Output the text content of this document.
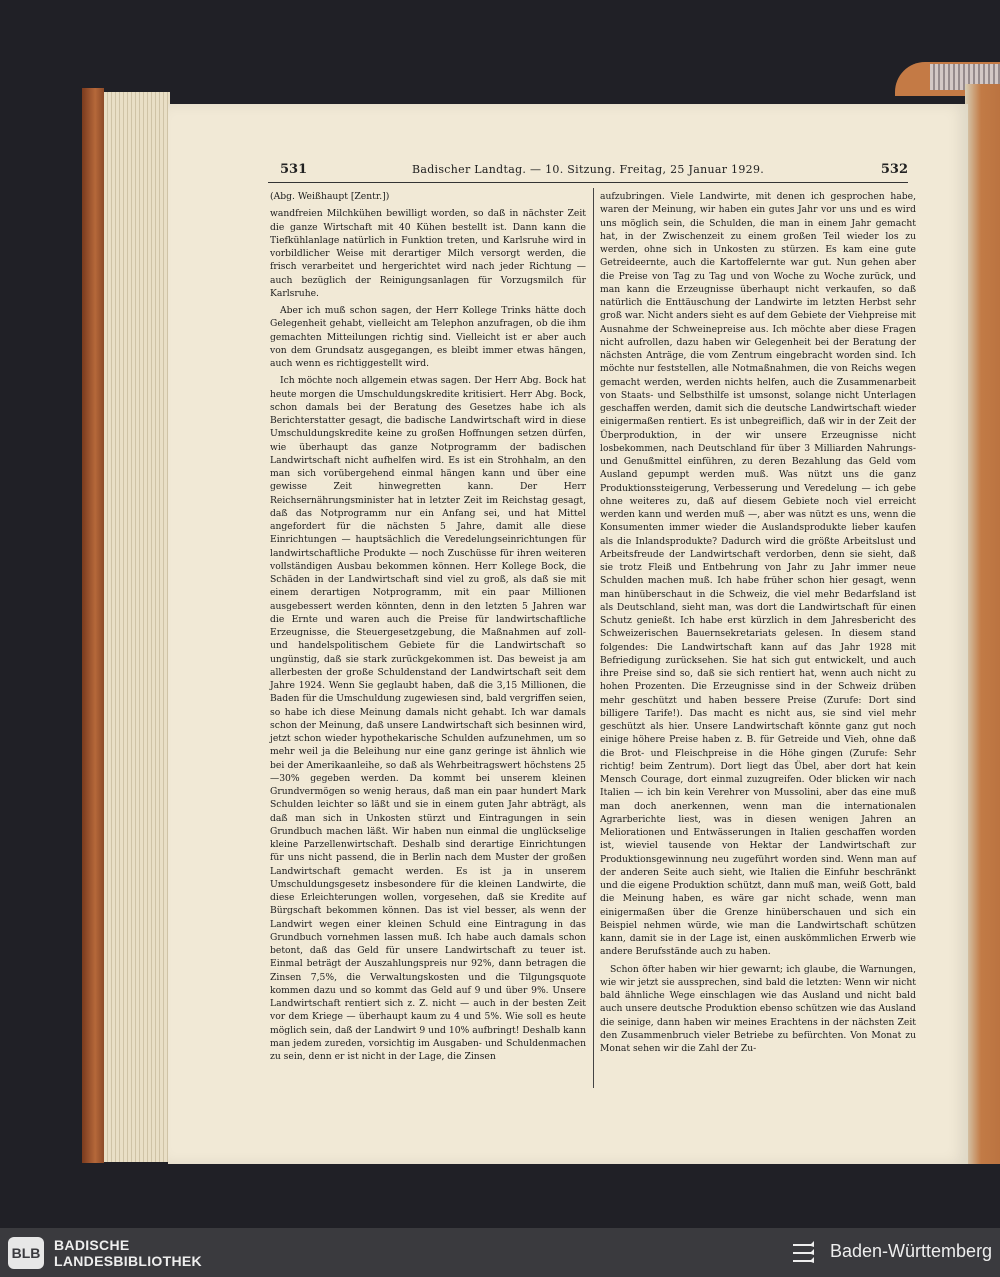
531	Badischer Landtag. — 10. Sitzung. Freitag, 25 Januar 1929.	532

(Abg. Weißhaupt [Zentr.])

wandfreien Milchkühen bewilligt worden, so daß in nächster Zeit die ganze Wirtschaft mit 40 Kühen bestellt ist. Dann kann die Tiefkühlanlage natürlich in Funktion treten, und Karlsruhe wird in vorbildlicher Weise mit derartiger Milch versorgt werden, die frisch verarbeitet und hergerichtet wird nach jeder Richtung — auch bezüglich der Reinigungsanlagen für Vorzugsmilch für Karlsruhe.

Aber ich muß schon sagen, der Herr Kollege Trinks hätte doch Gelegenheit gehabt, vielleicht am Telephon anzufragen, ob die ihm gemachten Mitteilungen richtig sind. Vielleicht ist er aber auch von dem Grundsatz ausgegangen, es bleibt immer etwas hängen, auch wenn es richtiggestellt wird.

Ich möchte noch allgemein etwas sagen. Der Herr Abg. Bock hat heute morgen die Umschuldungskredite kritisiert. Herr Abg. Bock, schon damals bei der Beratung des Gesetzes habe ich als Berichterstatter gesagt, die badische Landwirtschaft wird in diese Umschuldungskredite keine zu großen Hoffnungen setzen dürfen, wie überhaupt das ganze Notprogramm der badischen Landwirtschaft nicht aufhelfen wird. Es ist ein Strohhalm, an den man sich vorübergehend einmal hängen kann und über eine gewisse Zeit hinwegretten kann. Der Herr Reichsernährungsminister hat in letzter Zeit im Reichstag gesagt, daß das Notprogramm nur ein Anfang sei, und hat Mittel angefordert für die nächsten 5 Jahre, damit alle diese Einrichtungen — hauptsächlich die Veredelungseinrichtungen für landwirtschaftliche Produkte — noch Zuschüsse für ihren weiteren vollständigen Ausbau bekommen können. Herr Kollege Bock, die Schäden in der Landwirtschaft sind viel zu groß, als daß sie mit einem derartigen Notprogramm, mit ein paar Millionen ausgebessert werden könnten, denn in den letzten 5 Jahren war die Ernte und waren auch die Preise für landwirtschaftliche Erzeugnisse, die Steuergesetzgebung, die Maßnahmen auf zoll- und handelspolitischem Gebiete für die Landwirtschaft so ungünstig, daß sie stark zurückgekommen ist. Das beweist ja am allerbesten der große Schuldenstand der Landwirtschaft seit dem Jahre 1924. Wenn Sie geglaubt haben, daß die 3,15 Millionen, die Baden für die Umschuldung zugewiesen sind, bald vergriffen seien, so habe ich diese Meinung damals nicht gehabt. Ich war damals schon der Meinung, daß unsere Landwirtschaft sich besinnen wird, jetzt schon wieder hypothekarische Schulden aufzunehmen, um so mehr weil ja die Beleihung nur eine ganz geringe ist ähnlich wie bei der Amerikaanleihe, so daß als Wehrbeitragswert höchstens 25—30% gegeben werden. Da kommt bei unserem kleinen Grundvermögen so wenig heraus, daß man ein paar hundert Mark Schulden leichter so läßt und sie in einem guten Jahr abträgt, als daß man sich in Unkosten stürzt und Eintragungen in sein Grundbuch machen läßt. Wir haben nun einmal die unglückselige kleine Parzellenwirtschaft. Deshalb sind derartige Einrichtungen für uns nicht passend, die in Berlin nach dem Muster der großen Landwirtschaft gemacht werden. Es ist ja in unserem Umschuldungsgesetz insbesondere für die kleinen Landwirte, die diese Erleichterungen wollen, vorgesehen, daß sie Kredite auf Bürgschaft bekommen können. Das ist viel besser, als wenn der Landwirt wegen einer kleinen Schuld eine Eintragung in das Grundbuch vornehmen lassen muß. Ich habe auch damals schon betont, daß das Geld für unsere Landwirtschaft zu teuer ist. Einmal beträgt der Auszahlungspreis nur 92%, dann betragen die Zinsen 7,5%, die Verwaltungskosten und die Tilgungsquote kommen dazu und so kommt das Geld auf 9 und über 9%. Unsere Landwirtschaft rentiert sich z. Z. nicht — auch in der besten Zeit vor dem Kriege — überhaupt kaum zu 4 und 5%. Wie soll es heute möglich sein, daß der Landwirt 9 und 10% aufbringt! Deshalb kann man jedem zureden, vorsichtig im Ausgaben- und Schuldenmachen zu sein, denn er ist nicht in der Lage, die Zinsen

aufzubringen. Viele Landwirte, mit denen ich gesprochen habe, waren der Meinung, wir haben ein gutes Jahr vor uns und es wird uns möglich sein, die Schulden, die man in einem Jahr gemacht hat, in der Zwischenzeit zu einem großen Teil wieder los zu werden, ohne sich in Unkosten zu stürzen. Es kam eine gute Getreideernte, auch die Kartoffelernte war gut. Nun gehen aber die Preise von Tag zu Tag und von Woche zu Woche zurück, und man kann die Erzeugnisse überhaupt nicht verkaufen, so daß natürlich die Enttäuschung der Landwirte im letzten Herbst sehr groß war. Nicht anders sieht es auf dem Gebiete der Viehpreise mit Ausnahme der Schweinepreise aus. Ich möchte aber diese Fragen nicht aufrollen, dazu haben wir Gelegenheit bei der Beratung der nächsten Anträge, die vom Zentrum eingebracht worden sind. Ich möchte nur feststellen, alle Notmaßnahmen, die von Reichs wegen gemacht werden, werden nichts helfen, auch die Zusammenarbeit von Staats- und Selbsthilfe ist umsonst, solange nicht Unterlagen geschaffen werden, damit sich die deutsche Landwirtschaft wieder einigermaßen rentiert. Es ist unbegreiflich, daß wir in der Zeit der Überproduktion, in der wir unsere Erzeugnisse nicht losbekommen, nach Deutschland für über 3 Milliarden Nahrungs- und Genußmittel einführen, zu deren Bezahlung das Geld vom Ausland gepumpt werden muß. Was nützt uns die ganz Produktionssteigerung, Verbesserung und Veredelung — ich gebe ohne weiteres zu, daß auf diesem Gebiete noch viel erreicht werden kann und werden muß —, aber was nützt es uns, wenn die Konsumenten immer wieder die Auslandsprodukte lieber kaufen als die Inlandsprodukte? Dadurch wird die größte Arbeitslust und Arbeitsfreude der Landwirtschaft verdorben, denn sie sieht, daß sie trotz Fleiß und Entbehrung von Jahr zu Jahr immer neue Schulden machen muß. Ich habe früher schon hier gesagt, wenn man hinüberschaut in die Schweiz, die viel mehr Bedarfsland ist als Deutschland, sieht man, was dort die Landwirtschaft für einen Schutz genießt. Ich habe erst kürzlich in dem Jahresbericht des Schweizerischen Bauernsekretariats gelesen. In diesem stand folgendes: Die Landwirtschaft kann auf das Jahr 1928 mit Befriedigung zurücksehen. Sie hat sich gut entwickelt, und auch ihre Preise sind so, daß sie sich rentiert hat, wenn auch nicht zu hohen Prozenten. Die Erzeugnisse sind in der Schweiz drüben mehr geschützt und haben bessere Preise (Zurufe: Dort sind billigere Tarife!). Das macht es nicht aus, sie sind viel mehr geschützt als hier. Unsere Landwirtschaft könnte ganz gut noch einige höhere Preise haben z. B. für Getreide und Vieh, ohne daß die Brot- und Fleischpreise in die Höhe gingen (Zurufe: Sehr richtig! beim Zentrum). Dort liegt das Übel, aber dort hat kein Mensch Courage, dort einmal zuzugreifen. Oder blicken wir nach Italien — ich bin kein Verehrer von Mussolini, aber das eine muß man doch anerkennen, wenn man die internationalen Agrarberichte liest, was in diesen wenigen Jahren an Meliorationen und Entwässerungen in Italien geschaffen worden ist, wieviel tausende von Hektar der Landwirtschaft zur Produktionsgewinnung neu zugeführt worden sind. Wenn man auf der anderen Seite auch sieht, wie Italien die Einfuhr beschränkt und die eigene Produktion schützt, dann muß man, weiß Gott, bald die Meinung haben, es wäre gar nicht schade, wenn man einigermaßen über die Grenze hinüberschauen und sich ein Beispiel nehmen würde, wie man die Landwirtschaft schützen kann, damit sie in der Lage ist, einen auskömmlichen Erwerb wie andere Berufsstände auch zu haben.

Schon öfter haben wir hier gewarnt; ich glaube, die Warnungen, wie wir jetzt sie aussprechen, sind bald die letzten: Wenn wir nicht bald ähnliche Wege einschlagen wie das Ausland und nicht bald auch unsere deutsche Produktion ebenso schützen wie das Ausland die seinige, dann haben wir meines Erachtens in der nächsten Zeit den Zusammenbruch vieler Betriebe zu befürchten. Von Monat zu Monat sehen wir die Zahl der Zu-

BLB BADISCHE
LANDESBIBLIOTHEK	Baden-Württemberg
